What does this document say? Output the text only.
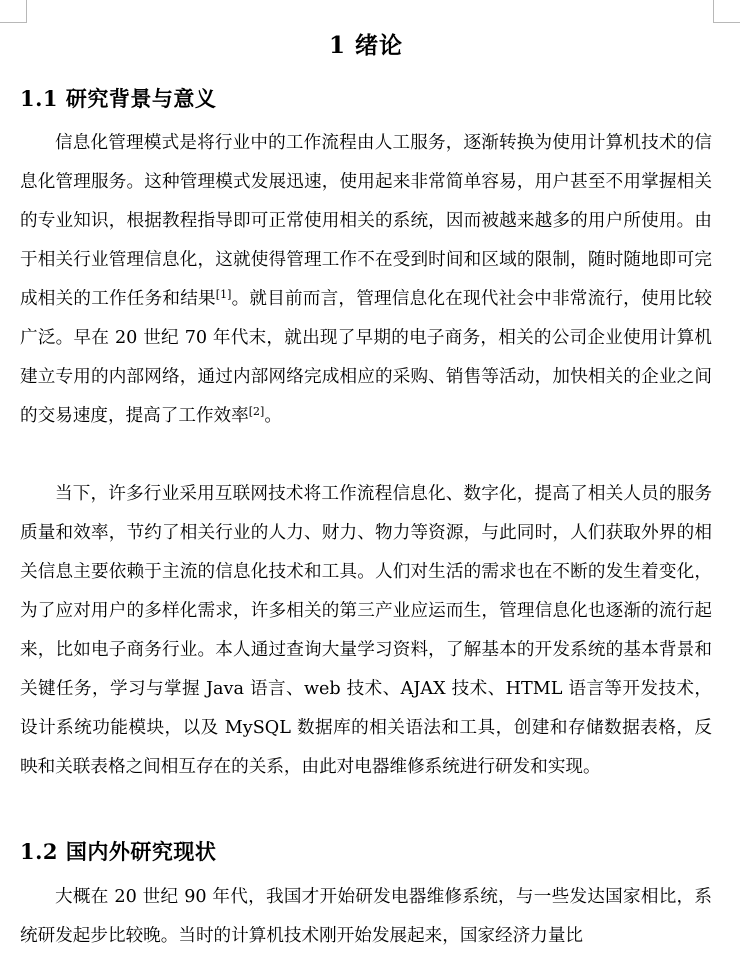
1 绪论
1.1 研究背景与意义

信息化管理模式是将行业中的工作流程由人工服务，逐渐转换为使用计算机技术的信息化管理服务。这种管理模式发展迅速，使用起来非常简单容易，用户甚至不用掌握相关的专业知识，根据教程指导即可正常使用相关的系统，因而被越来越多的用户所使用。由于相关行业管理信息化，这就使得管理工作不在受到时间和区域的限制，随时随地即可完成相关的工作任务和结果[1]。就目前而言，管理信息化在现代社会中非常流行，使用比较广泛。早在 20 世纪 70 年代末，就出现了早期的电子商务，相关的公司企业使用计算机建立专用的内部网络，通过内部网络完成相应的采购、销售等活动，加快相关的企业之间的交易速度，提高了工作效率[2]。

当下，许多行业采用互联网技术将工作流程信息化、数字化，提高了相关人员的服务质量和效率，节约了相关行业的人力、财力、物力等资源，与此同时，人们获取外界的相关信息主要依赖于主流的信息化技术和工具。人们对生活的需求也在不断的发生着变化，为了应对用户的多样化需求，许多相关的第三产业应运而生，管理信息化也逐渐的流行起来，比如电子商务行业。本人通过查询大量学习资料，了解基本的开发系统的基本背景和关键任务，学习与掌握 Java 语言、web 技术、AJAX 技术、HTML 语言等开发技术，设计系统功能模块，以及 MySQL 数据库的相关语法和工具，创建和存储数据表格，反映和关联表格之间相互存在的关系，由此对电器维修系统进行研发和实现。

1.2 国内外研究现状

大概在 20 世纪 90 年代，我国才开始研发电器维修系统，与一些发达国家相比，系统研发起步比较晚。当时的计算机技术刚开始发展起来，国家经济力量比
